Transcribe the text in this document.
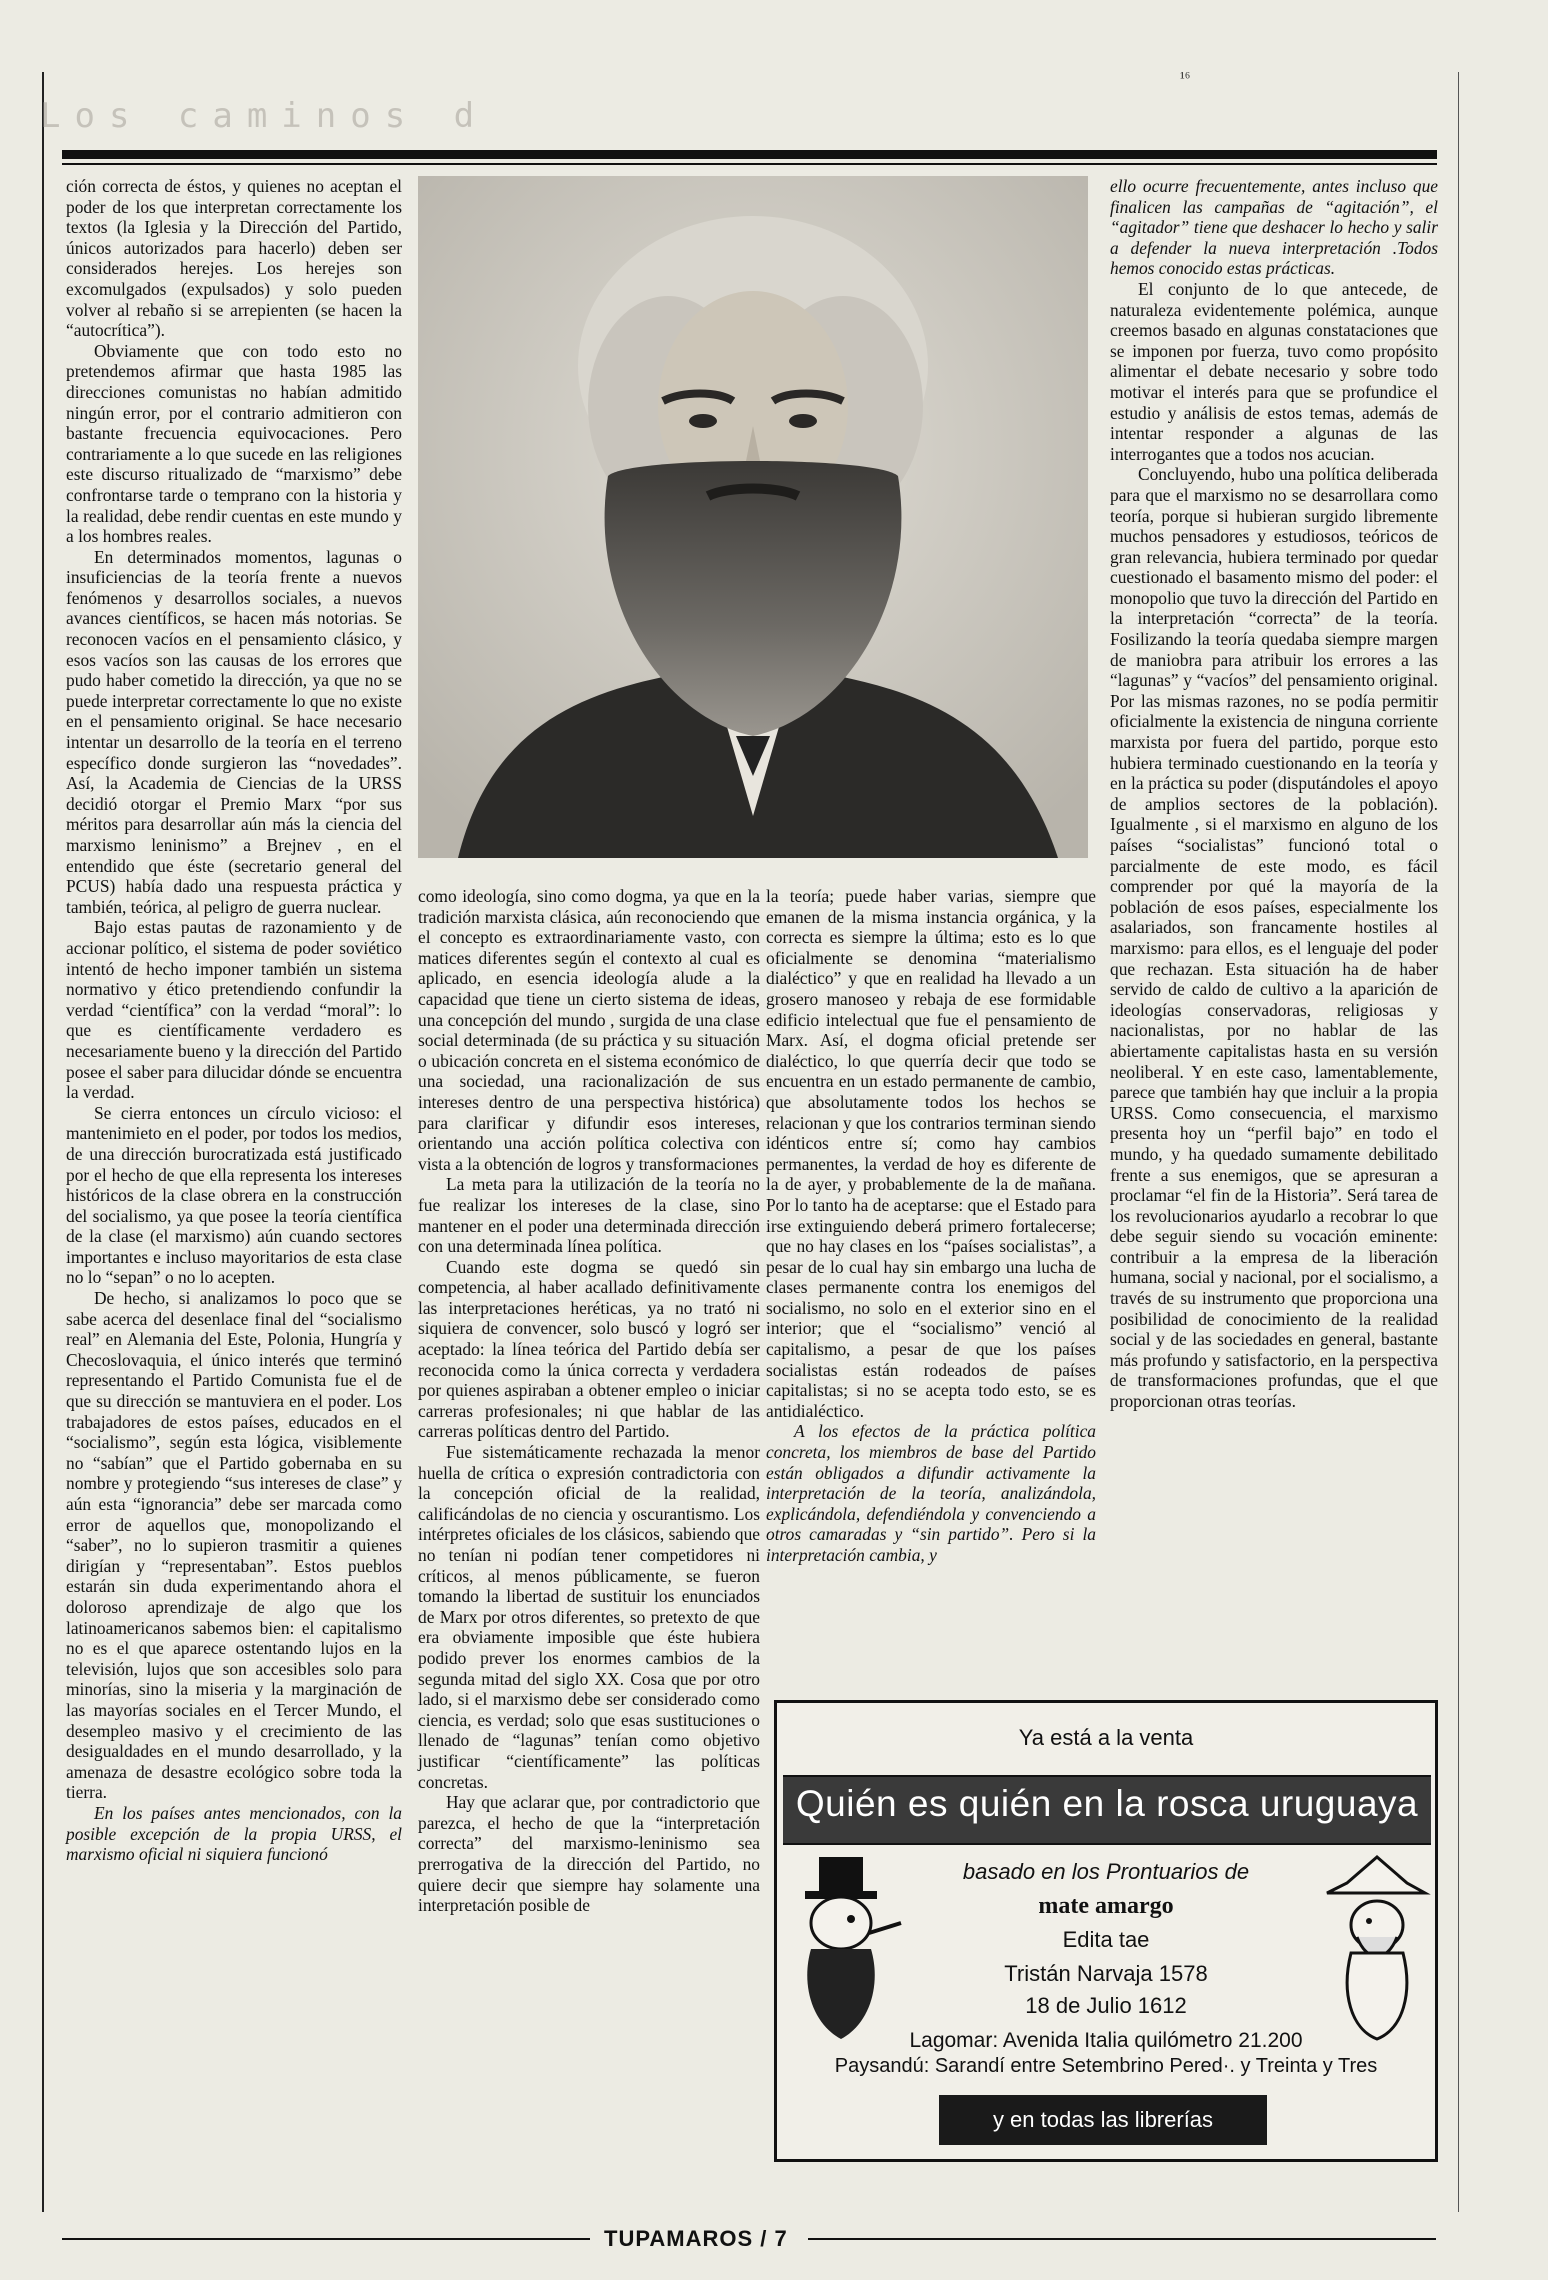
Los caminos d
¹⁶

ción correcta de éstos, y quienes no aceptan el poder de los que interpretan correctamente los textos (la Iglesia y la Dirección del Partido, únicos autorizados para hacerlo) deben ser considerados herejes. Los herejes son excomulgados (expulsados) y solo pueden volver al rebaño si se arrepienten (se hacen la “autocrítica”).

Obviamente que con todo esto no pretendemos afirmar que hasta 1985 las direcciones comunistas no habían admitido ningún error, por el contrario admitieron con bastante frecuencia equivocaciones. Pero contrariamente a lo que sucede en las religiones este discurso ritualizado de “marxismo” debe confrontarse tarde o temprano con la historia y la realidad, debe rendir cuentas en este mundo y a los hombres reales.

En determinados momentos, lagunas o insuficiencias de la teoría frente a nuevos fenómenos y desarrollos sociales, a nuevos avances científicos, se hacen más notorias. Se reconocen vacíos en el pensamiento clásico, y esos vacíos son las causas de los errores que pudo haber cometido la dirección, ya que no se puede interpretar correctamente lo que no existe en el pensamiento original. Se hace necesario intentar un desarrollo de la teoría en el terreno específico donde surgieron las “novedades”. Así, la Academia de Ciencias de la URSS decidió otorgar el Premio Marx “por sus méritos para desarrollar aún más la ciencia del marxismo leninismo” a Brejnev , en el entendido que éste (secretario general del PCUS) había dado una respuesta práctica y también, teórica, al peligro de guerra nuclear.

Bajo estas pautas de razonamiento y de accionar político, el sistema de poder soviético intentó de hecho imponer también un sistema normativo y ético pretendiendo confundir la verdad “científica” con la verdad “moral”: lo que es científicamente verdadero es necesariamente bueno y la dirección del Partido posee el saber para dilucidar dónde se encuentra la verdad.

Se cierra entonces un círculo vicioso: el mantenimieto en el poder, por todos los medios, de una dirección burocratizada está justificado por el hecho de que ella representa los intereses históricos de la clase obrera en la construcción del socialismo, ya que posee la teoría científica de la clase (el marxismo) aún cuando sectores importantes e incluso mayoritarios de esta clase no lo “sepan” o no lo acepten.

De hecho, si analizamos lo poco que se sabe acerca del desenlace final del “socialismo real” en Alemania del Este, Polonia, Hungría y Checoslovaquia, el único interés que terminó representando el Partido Comunista fue el de que su dirección se mantuviera en el poder. Los trabajadores de estos países, educados en el “socialismo”, según esta lógica, visiblemente no “sabían” que el Partido gobernaba en su nombre y protegiendo “sus intereses de clase” y aún esta “ignorancia” debe ser marcada como error de aquellos que, monopolizando el “saber”, no lo supieron trasmitir a quienes dirigían y “representaban”. Estos pueblos estarán sin duda experimentando ahora el doloroso aprendizaje de algo que los latinoamericanos sabemos bien: el capitalismo no es el que aparece ostentando lujos en la televisión, lujos que son accesibles solo para minorías, sino la miseria y la marginación de las mayorías sociales en el Tercer Mundo, el desempleo masivo y el crecimiento de las desigualdades en el mundo desarrollado, y la amenaza de desastre ecológico sobre toda la tierra.

En los países antes mencionados, con la posible excepción de la propia URSS, el marxismo oficial ni siquiera funcionó

como ideología, sino como dogma, ya que en la tradición marxista clásica, aún reconociendo que el concepto es extraordinariamente vasto, con matices diferentes según el contexto al cual es aplicado, en esencia ideología alude a la capacidad que tiene un cierto sistema de ideas, una concepción del mundo , surgida de una clase social determinada (de su práctica y su situación o ubicación concreta en el sistema económico de una sociedad, una racionalización de sus intereses dentro de una perspectiva histórica) para clarificar y difundir esos intereses, orientando una acción política colectiva con vista a la obtención de logros y transformaciones

La meta para la utilización de la teoría no fue realizar los intereses de la clase, sino mantener en el poder una determinada dirección con una determinada línea política.

Cuando este dogma se quedó sin competencia, al haber acallado definitivamente las interpretaciones heréticas, ya no trató ni siquiera de convencer, solo buscó y logró ser aceptado: la línea teórica del Partido debía ser reconocida como la única correcta y verdadera por quienes aspiraban a obtener empleo o iniciar carreras profesionales; ni que hablar de las carreras políticas dentro del Partido.

Fue sistemáticamente rechazada la menor huella de crítica o expresión contradictoria con la concepción oficial de la realidad, calificándolas de no ciencia y oscurantismo. Los intérpretes oficiales de los clásicos, sabiendo que no tenían ni podían tener competidores ni críticos, al menos públicamente, se fueron tomando la libertad de sustituir los enunciados de Marx por otros diferentes, so pretexto de que era obviamente imposible que éste hubiera podido prever los enormes cambios de la segunda mitad del siglo XX. Cosa que por otro lado, si el marxismo debe ser considerado como ciencia, es verdad; solo que esas sustituciones o llenado de “lagunas” tenían como objetivo justificar “científicamente” las políticas concretas.

Hay que aclarar que, por contradictorio que parezca, el hecho de que la “interpretación correcta” del marxismo-leninismo sea prerrogativa de la dirección del Partido, no quiere decir que siempre hay solamente una interpretación posible de

la teoría; puede haber varias, siempre que emanen de la misma instancia orgánica, y la correcta es siempre la última; esto es lo que oficialmente se denomina “materialismo dialéctico” y que en realidad ha llevado a un grosero manoseo y rebaja de ese formidable edificio intelectual que fue el pensamiento de Marx. Así, el dogma oficial pretende ser dialéctico, lo que querría decir que todo se encuentra en un estado permanente de cambio, que absolutamente todos los hechos se relacionan y que los contrarios terminan siendo idénticos entre sí; como hay cambios permanentes, la verdad de hoy es diferente de la de ayer, y probablemente de la de mañana. Por lo tanto ha de aceptarse: que el Estado para irse extinguiendo deberá primero fortalecerse; que no hay clases en los “países socialistas”, a pesar de lo cual hay sin embargo una lucha de clases permanente contra los enemigos del socialismo, no solo en el exterior sino en el interior; que el “socialismo” venció al capitalismo, a pesar de que los países socialistas están rodeados de países capitalistas; si no se acepta todo esto, se es antidialéctico.

A los efectos de la práctica política concreta, los miembros de base del Partido están obligados a difundir activamente la interpretación de la teoría, analizándola, explicándola, defendiéndola y convenciendo a otros camaradas y “sin partido”. Pero si la interpretación cambia, y

ello ocurre frecuentemente, antes incluso que finalicen las campañas de “agitación”, el “agitador” tiene que deshacer lo hecho y salir a defender la nueva interpretación .Todos hemos conocido estas prácticas.

El conjunto de lo que antecede, de naturaleza evidentemente polémica, aunque creemos basado en algunas constataciones que se imponen por fuerza, tuvo como propósito alimentar el debate necesario y sobre todo motivar el interés para que se profundice el estudio y análisis de estos temas, además de intentar responder a algunas de las interrogantes que a todos nos acucian.

Concluyendo, hubo una política deliberada para que el marxismo no se desarrollara como teoría, porque si hubieran surgido libremente muchos pensadores y estudiosos, teóricos de gran relevancia, hubiera terminado por quedar cuestionado el basamento mismo del poder: el monopolio que tuvo la dirección del Partido en la interpretación “correcta” de la teoría. Fosilizando la teoría quedaba siempre margen de maniobra para atribuir los errores a las “lagunas” y “vacíos” del pensamiento original. Por las mismas razones, no se podía permitir oficialmente la existencia de ninguna corriente marxista por fuera del partido, porque esto hubiera terminado cuestionando en la teoría y en la práctica su poder (disputándoles el apoyo de amplios sectores de la población). Igualmente , si el marxismo en alguno de los países “socialistas” funcionó total o parcialmente de este modo, es fácil comprender por qué la mayoría de la población de esos países, especialmente los asalariados, son francamente hostiles al marxismo: para ellos, es el lenguaje del poder que rechazan. Esta situación ha de haber servido de caldo de cultivo a la aparición de ideologías conservadoras, religiosas y nacionalistas, por no hablar de las abiertamente capitalistas hasta en su versión neoliberal. Y en este caso, lamentablemente, parece que también hay que incluir a la propia URSS. Como consecuencia, el marxismo presenta hoy un “perfil bajo” en todo el mundo, y ha quedado sumamente debilitado frente a sus enemigos, que se apresuran a proclamar “el fin de la Historia”. Será tarea de los revolucionarios ayudarlo a recobrar lo que debe seguir siendo su vocación eminente: contribuir a la empresa de la liberación humana, social y nacional, por el socialismo, a través de su instrumento que proporciona una posibilidad de conocimiento de la realidad social y de las sociedades en general, bastante más profundo y satisfactorio, en la perspectiva de transformaciones profundas, que el que proporcionan otras teorías.

Ya está a la venta
Quién es quién en la rosca uruguaya
basado en los Prontuarios de
mate amargo
Edita tae
Tristán Narvaja 1578
18 de Julio 1612
Lagomar: Avenida Italia quilómetro 21.200
Paysandú: Sarandí entre Setembrino Pered·. y Treinta y Tres
y en todas las librerías
TUPAMAROS / 7
